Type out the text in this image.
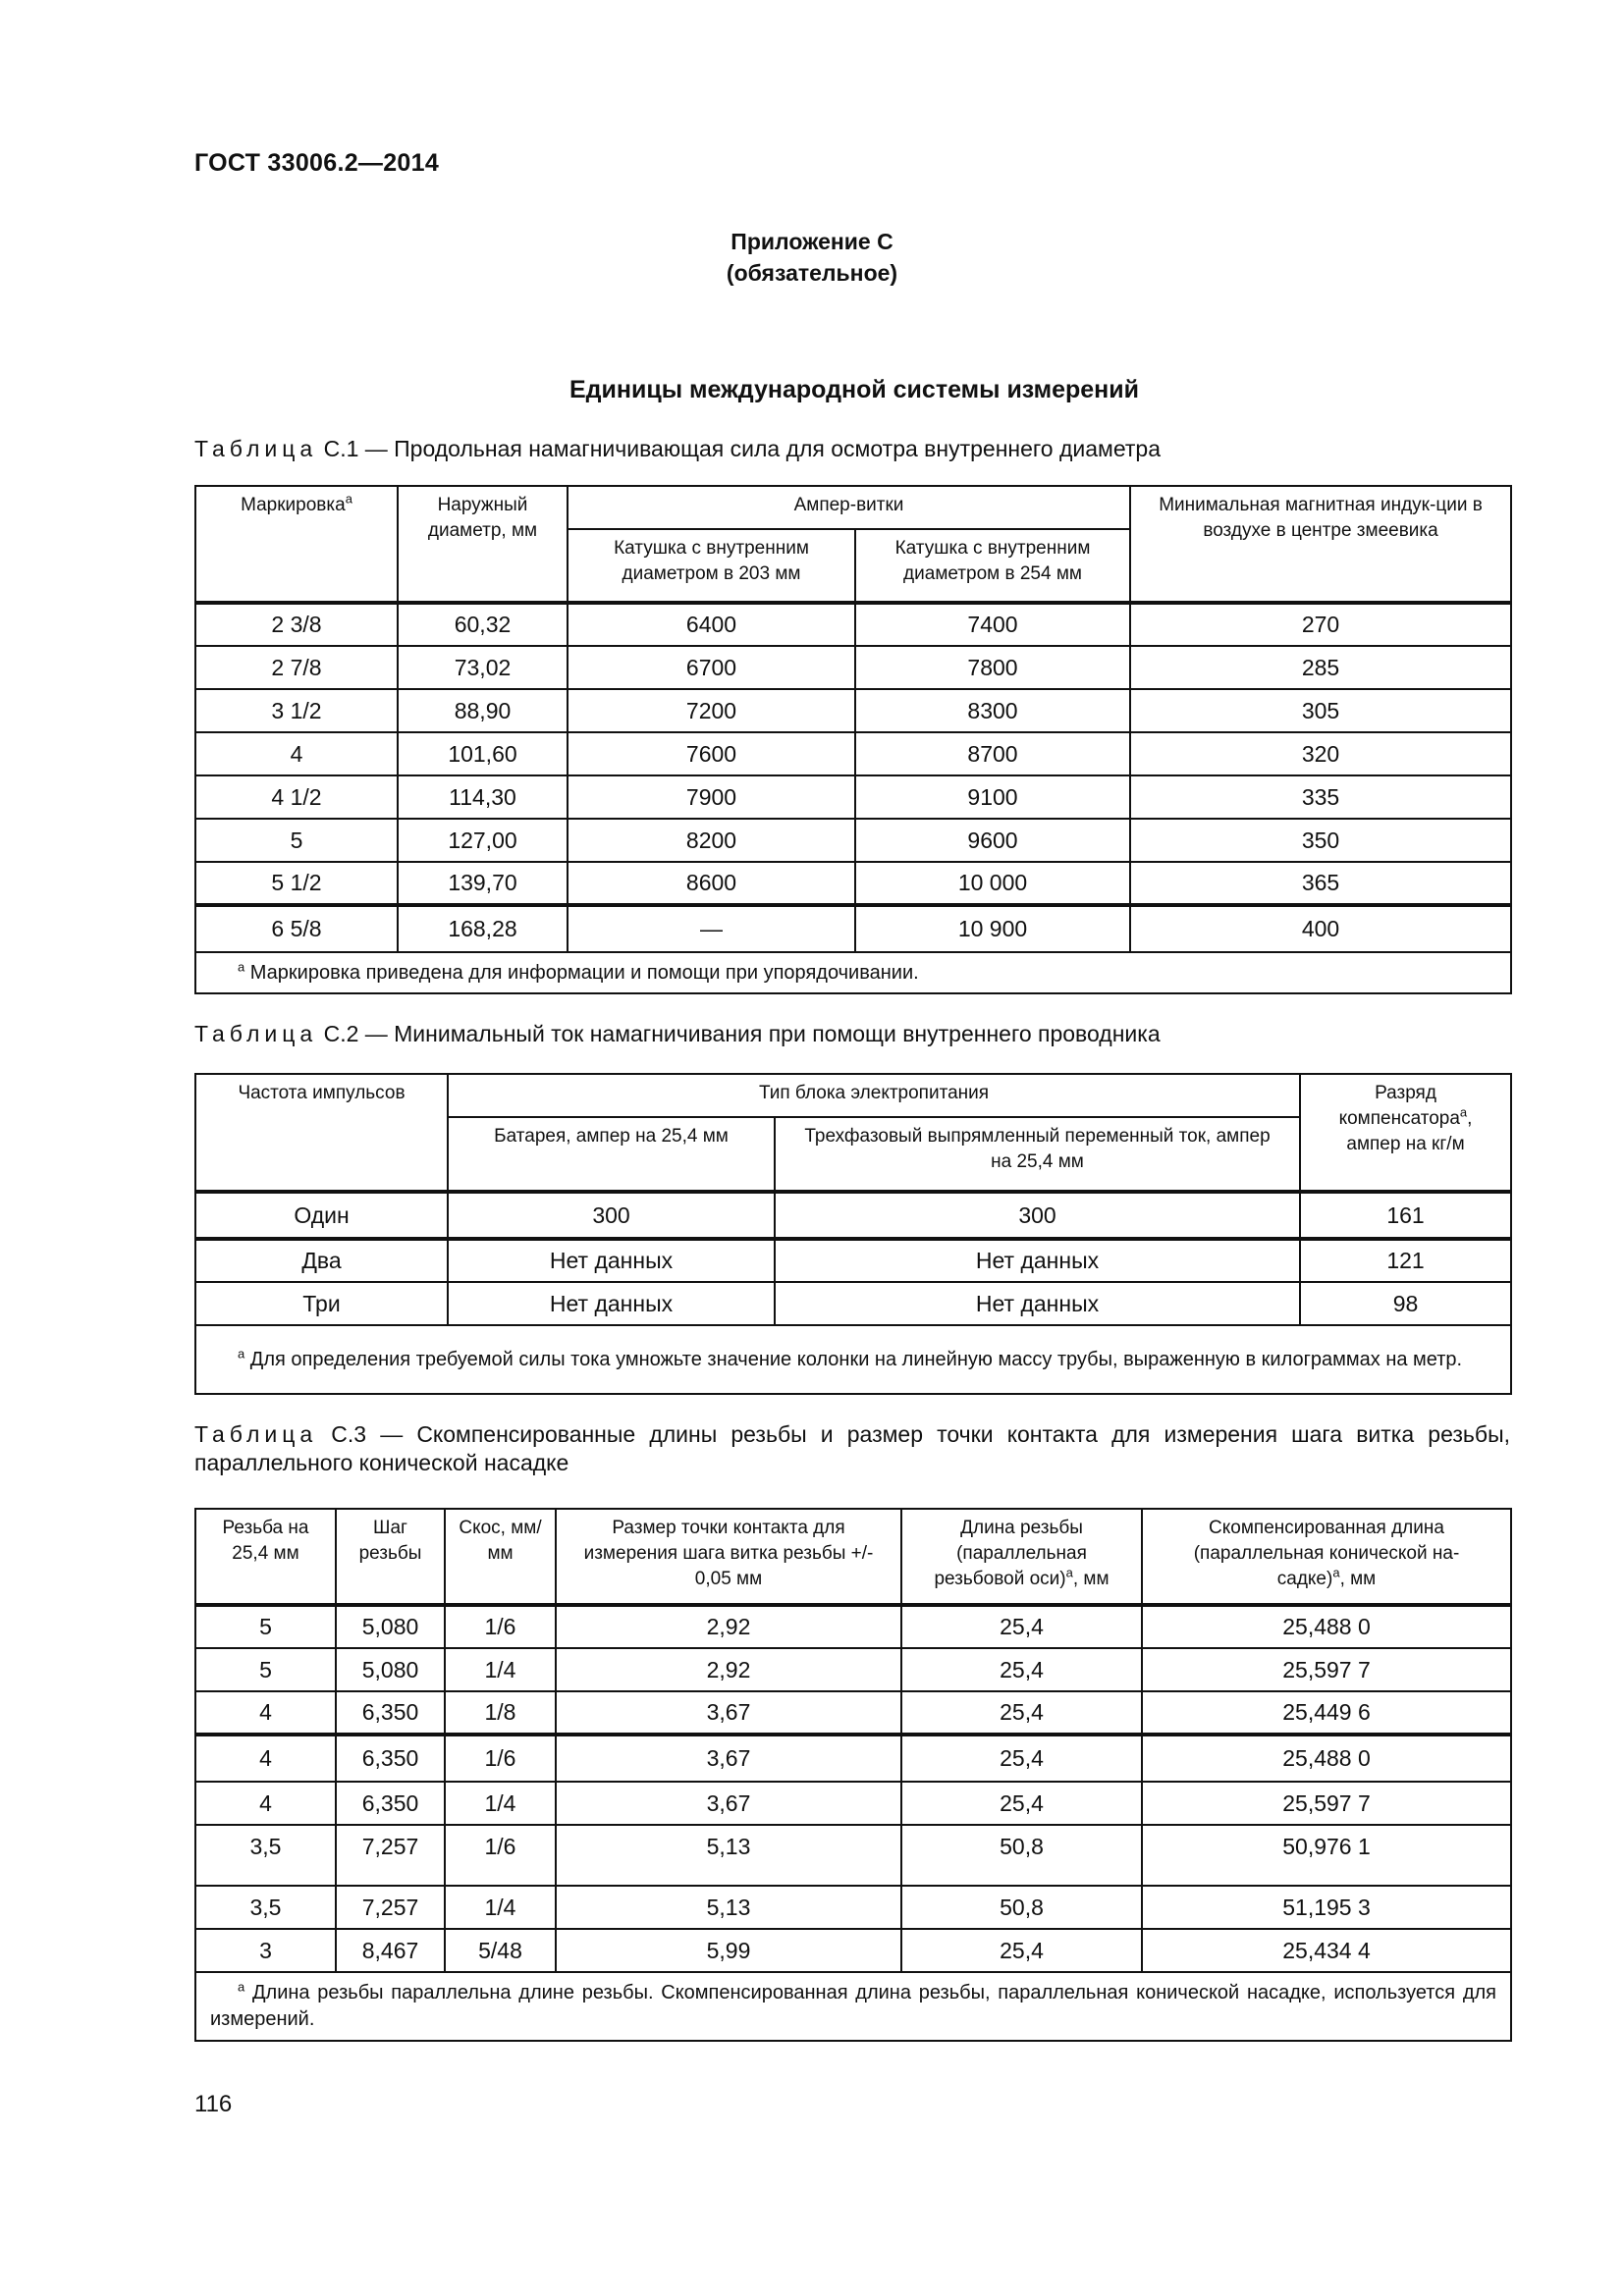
ГОСТ 33006.2—2014
Приложение С
(обязательное)
Единицы международной системы измерений
Таблица С.1 — Продольная намагничивающая сила для осмотра внутреннего диаметра
Маркировка$^а$	Наружный диаметр, мм	Ампер-витки		Минимальная магнитная индук-ции в воздухе в центре змеевика
		Катушка с внутренним диаметром в 203 мм	Катушка с внутренним диаметром в 254 мм	
2 3/8	60,32	6400	7400	270
2 7/8	73,02	6700	7800	285
3 1/2	88,90	7200	8300	305
4	101,60	7600	8700	320
4 1/2	114,30	7900	9100	335
5	127,00	8200	9600	350
5 1/2	139,70	8600	10 000	365
6 5/8	168,28	—	10 900	400
$^а$ Маркировка приведена для информации и помощи при упорядочивании.				
Таблица С.2 — Минимальный ток намагничивания при помощи внутреннего проводника
Частота импульсов	Тип блока электропитания		Разряд компенсатора$^а$, ампер на кг/м
	Батарея, ампер на 25,4 мм	Трехфазовый выпрямленный переменный ток, ампер на 25,4 мм	
Один	300	300	161
Два	Нет данных	Нет данных	121
Три	Нет данных	Нет данных	98
$^а$ Для определения требуемой силы тока умножьте значение колонки на линейную массу трубы, выраженную в килограммах на метр.			
Таблица С.3 — Скомпенсированные длины резьбы и размер точки контакта для измерения шага витка резьбы, параллельного конической насадке
Резьба на 25,4 мм	Шаг резьбы	Скос, мм/мм	Размер точки контакта для измерения шага витка резьбы +/- 0,05 мм	Длина резьбы (параллельная резьбовой оси)$^а$, мм	Скомпенсированная длина (параллельная конической на-садке)$^а$, мм
5	5,080	1/6	2,92	25,4	25,488 0
5	5,080	1/4	2,92	25,4	25,597 7
4	6,350	1/8	3,67	25,4	25,449 6
4	6,350	1/6	3,67	25,4	25,488 0
4	6,350	1/4	3,67	25,4	25,597 7
3,5	7,257	1/6	5,13	50,8	50,976 1
3,5	7,257	1/4	5,13	50,8	51,195 3
3	8,467	5/48	5,99	25,4	25,434 4
$^а$ Длина резьбы параллельна длине резьбы. Скомпенсированная длина резьбы, параллельная конической насадке, используется для измерений.					
116
